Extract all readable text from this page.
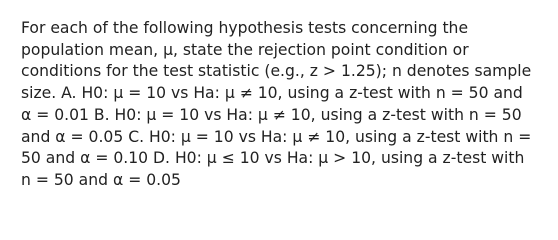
For each of the following hypothesis tests concerning the
population mean, μ, state the rejection point condition or
conditions for the test statistic (e.g., z > 1.25); n denotes sample
size. A. H0: μ = 10 vs Ha: μ ≠ 10, using a z-test with n = 50 and
α = 0.01 B. H0: μ = 10 vs Ha: μ ≠ 10, using a z-test with n = 50
and α = 0.05 C. H0: μ = 10 vs Ha: μ ≠ 10, using a z-test with n =
50 and α = 0.10 D. H0: μ ≤ 10 vs Ha: μ > 10, using a z-test with
n = 50 and α = 0.05
